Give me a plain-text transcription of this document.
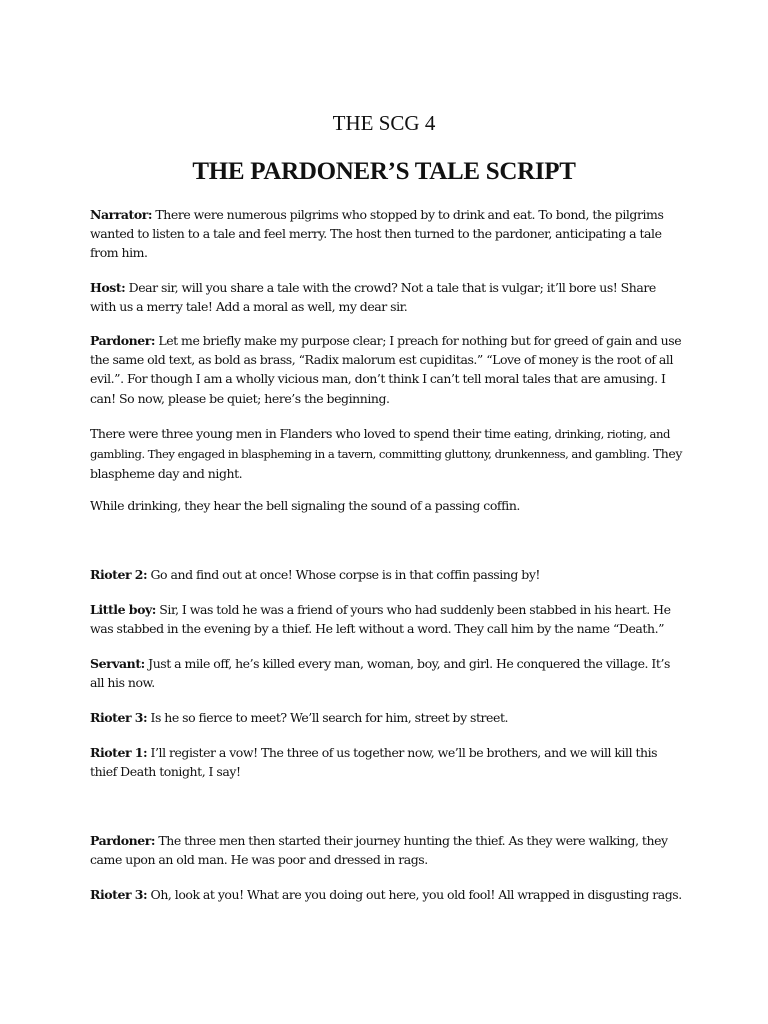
THE SCG 4
THE PARDONER’S TALE SCRIPT

Narrator: There were numerous pilgrims who stopped by to drink and eat. To bond, the pilgrims wanted to listen to a tale and feel merry. The host then turned to the pardoner, anticipating a tale from him.

Host: Dear sir, will you share a tale with the crowd? Not a tale that is vulgar; it’ll bore us! Share with us a merry tale! Add a moral as well, my dear sir.

Pardoner: Let me briefly make my purpose clear; I preach for nothing but for greed of gain and use the same old text, as bold as brass, “Radix malorum est cupiditas.” “Love of money is the root of all evil.”. For though I am a wholly vicious man, don’t think I can’t tell moral tales that are amusing. I can! So now, please be quiet; here’s the beginning.

There were three young men in Flanders who loved to spend their time eating, drinking, rioting, and gambling. They engaged in blaspheming in a tavern, committing gluttony, drunkenness, and gambling. They blaspheme day and night.

While drinking, they hear the bell signaling the sound of a passing coffin.

Rioter 2: Go and find out at once! Whose corpse is in that coffin passing by!

Little boy: Sir, I was told he was a friend of yours who had suddenly been stabbed in his heart. He was stabbed in the evening by a thief. He left without a word. They call him by the name “Death.”

Servant: Just a mile off, he’s killed every man, woman, boy, and girl. He conquered the village. It’s all his now.

Rioter 3: Is he so fierce to meet? We’ll search for him, street by street.

Rioter 1: I’ll register a vow! The three of us together now, we’ll be brothers, and we will kill this thief Death tonight, I say!

Pardoner: The three men then started their journey hunting the thief. As they were walking, they came upon an old man. He was poor and dressed in rags.

Rioter 3: Oh, look at you! What are you doing out here, you old fool! All wrapped in disgusting rags.
